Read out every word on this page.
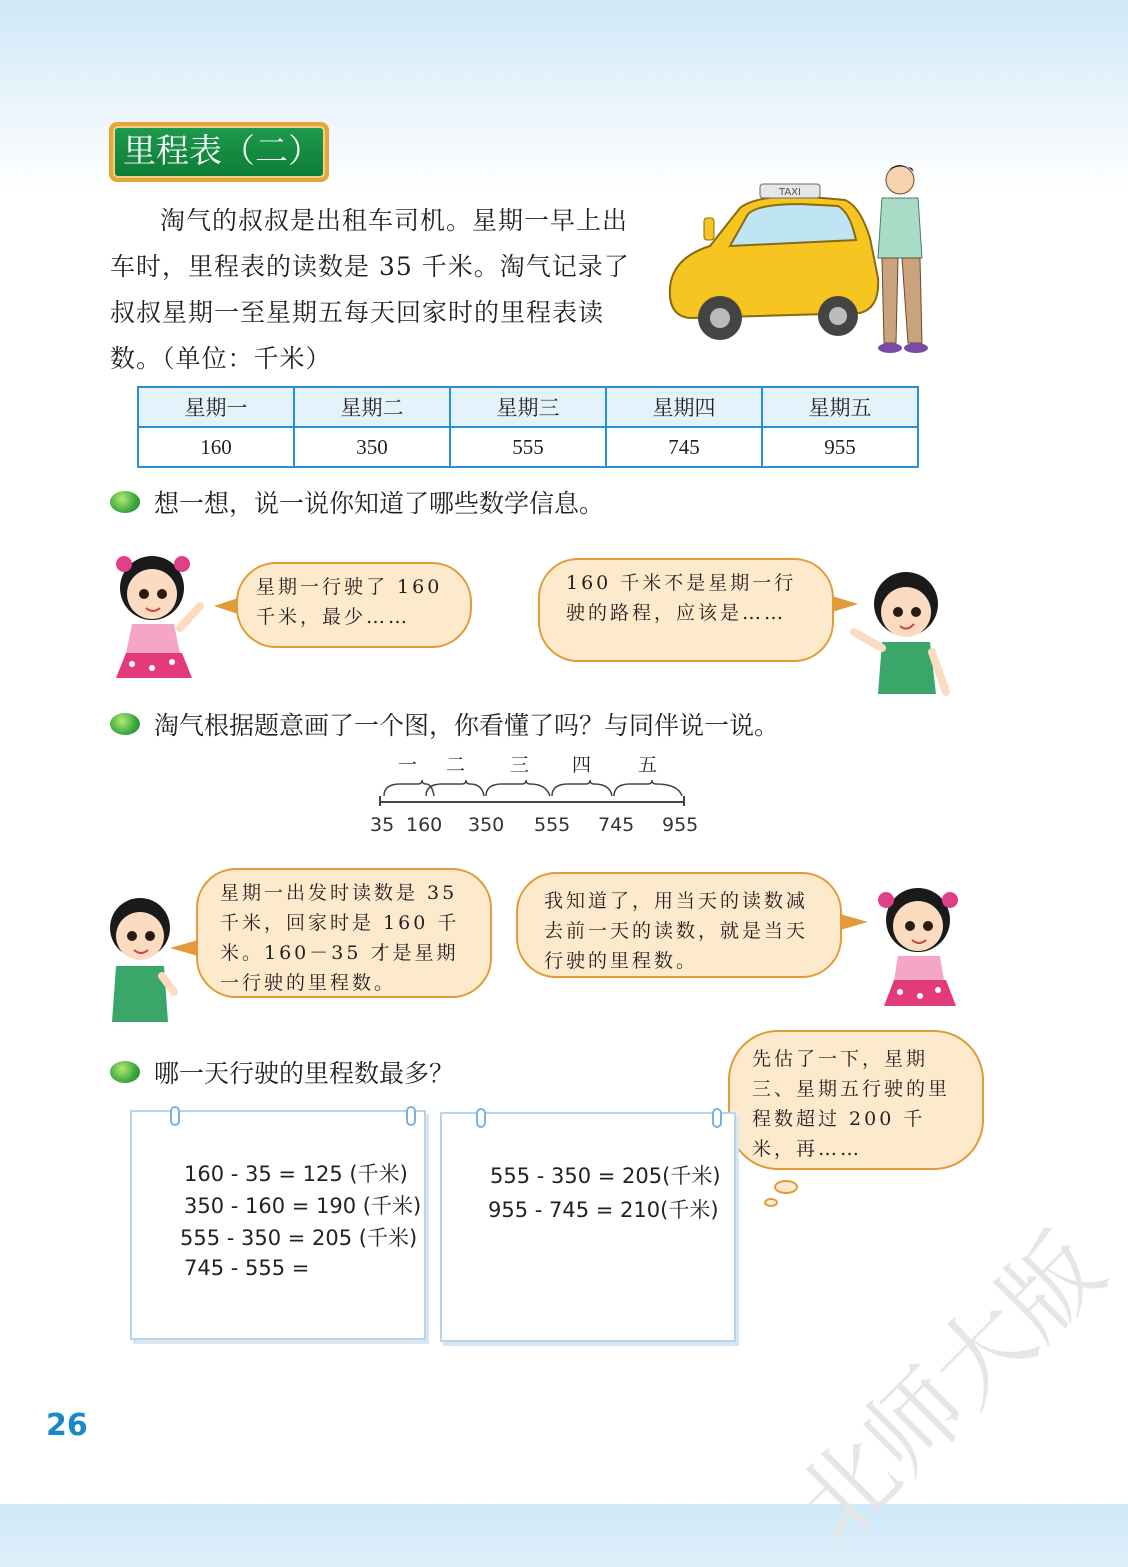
里程表（二）

淘气的叔叔是出租车司机。星期一早上出车时，里程表的读数是 35 千米。淘气记录了叔叔星期一至星期五每天回家时的里程表读数。（单位：千米）

TAXI
星期一	星期二	星期三	星期四	星期五
160	350	555	745	955
想一想，说一说你知道了哪些数学信息。
星期一行驶了 160 千米，最少……
160 千米不是星期一行驶的路程，应该是……
淘气根据题意画了一个图，你看懂了吗？与同伴说一说。
一 二 三 四 五
35 160 350 555 745 955
星期一出发时读数是 35 千米，回家时是 160 千米。160－35 才是星期一行驶的里程数。
我知道了，用当天的读数减去前一天的读数，就是当天行驶的里程数。
哪一天行驶的里程数最多？	先估了一下，星期三、星期五行驶的里程数超过 200 千米，再……
160 - 35 = 125 (千米)
350 - 160 = 190 (千米)
555 - 350 = 205 (千米)
745 - 555 =
555 - 350 = 205(千米)
955 - 745 = 210(千米)
26	北师大版
